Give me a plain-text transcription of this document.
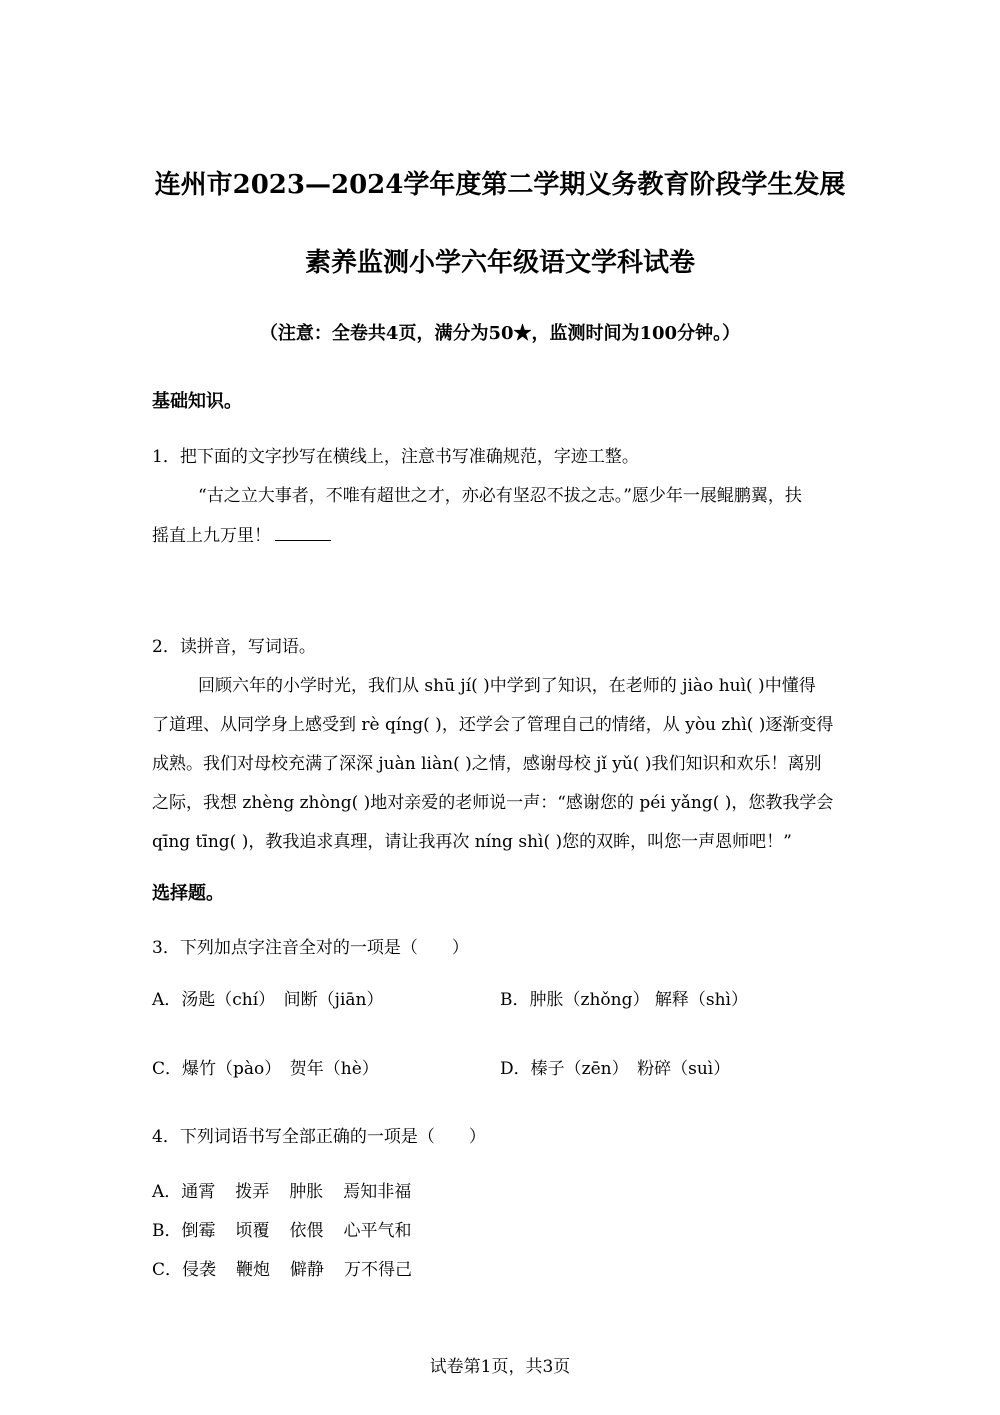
连州市2023—2024学年度第二学期义务教育阶段学生发展
素养监测小学六年级语文学科试卷
（注意：全卷共4页，满分为50★，监测时间为100分钟。）
基础知识。
1．把下面的文字抄写在横线上，注意书写准确规范，字迹工整。
“古之立大事者，不唯有超世之才，亦必有坚忍不拔之志。”愿少年一展鲲鹏翼，扶
摇直上九万里！
2．读拼音，写词语。
回顾六年的小学时光，我们从 shū jí( )中学到了知识，在老师的 jiào huì( )中懂得
了道理、从同学身上感受到 rè qíng( )，还学会了管理自己的情绪，从 yòu zhì( )逐渐变得
成熟。我们对母校充满了深深 juàn liàn( )之情，感谢母校 jǐ yǔ( )我们知识和欢乐！离别
之际，我想 zhèng zhòng( )地对亲爱的老师说一声：“感谢您的 péi yǎng( )，您教我学会
qīng tīng( )，教我追求真理，请让我再次 níng shì( )您的双眸，叫您一声恩师吧！”
选择题。
3．下列加点字注音全对的一项是（　　）
A．汤匙（chí）　间断（jiān）	B．肿胀（zhǒng） 解释（shì）
C．爆竹（pào）　贺年（hè）	D．榛子（zēn）　粉碎（suì）
4．下列词语书写全部正确的一项是（　　）
A．通霄 拨弄 肿胀 焉知非福
B．倒霉 顷覆 依偎 心平气和
C．侵袭 鞭炮 僻静 万不得己
试卷第1页，共3页
